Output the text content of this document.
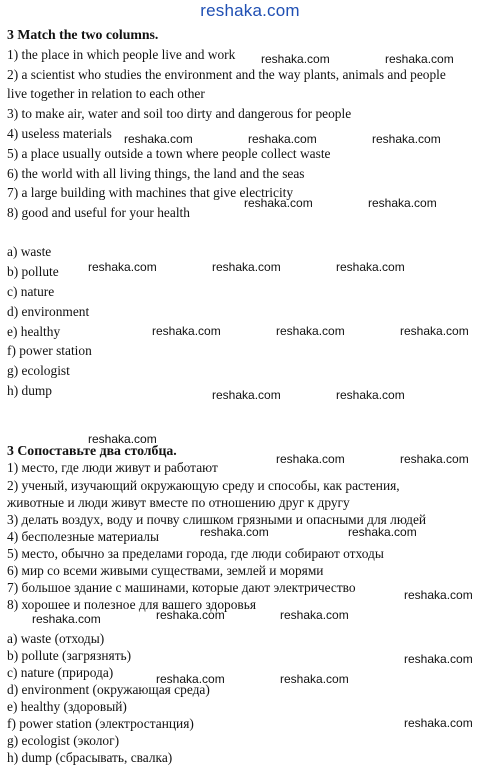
reshaka.com
3 Match the two columns.
1) the place in which people live and work
2) a scientist who studies the environment and the way plants, animals and people
live together in relation to each other
3) to make air, water and soil too dirty and dangerous for people
4) useless materials
5) a place usually outside a town where people collect waste
6) the world with all living things, the land and the seas
7) a large building with machines that give electricity
8) good and useful for your health
a) waste
b) pollute
c) nature
d) environment
e) healthy
f) power station
g) ecologist
h) dump
3 Сопоставьте два столбца.
1) место, где люди живут и работают
2) ученый, изучающий окружающую среду и способы, как растения,
животные и люди живут вместе по отношению друг к другу
3) делать воздух, воду и почву слишком грязными и опасными для людей
4) бесполезные материалы
5) место, обычно за пределами города, где люди собирают отходы
6) мир со всеми живыми существами, землей и морями
7) большое здание с машинами, которые дают электричество
8) хорошее и полезное для вашего здоровья
a) waste (отходы)
b) pollute (загрязнять)
c) nature (природа)
d) environment (окружающая среда)
e) healthy (здоровый)
f) power station (электростанция)
g) ecologist (эколог)
h) dump (сбрасывать, свалка)
reshaka.com	reshaka.com
reshaka.com	reshaka.com	reshaka.com
reshaka.com	reshaka.com
reshaka.com	reshaka.com	reshaka.com
reshaka.com	reshaka.com	reshaka.com
reshaka.com	reshaka.com
reshaka.com
reshaka.com	reshaka.com
reshaka.com	reshaka.com
reshaka.com
reshaka.com	reshaka.com
reshaka.com
reshaka.com
reshaka.com	reshaka.com
reshaka.com
